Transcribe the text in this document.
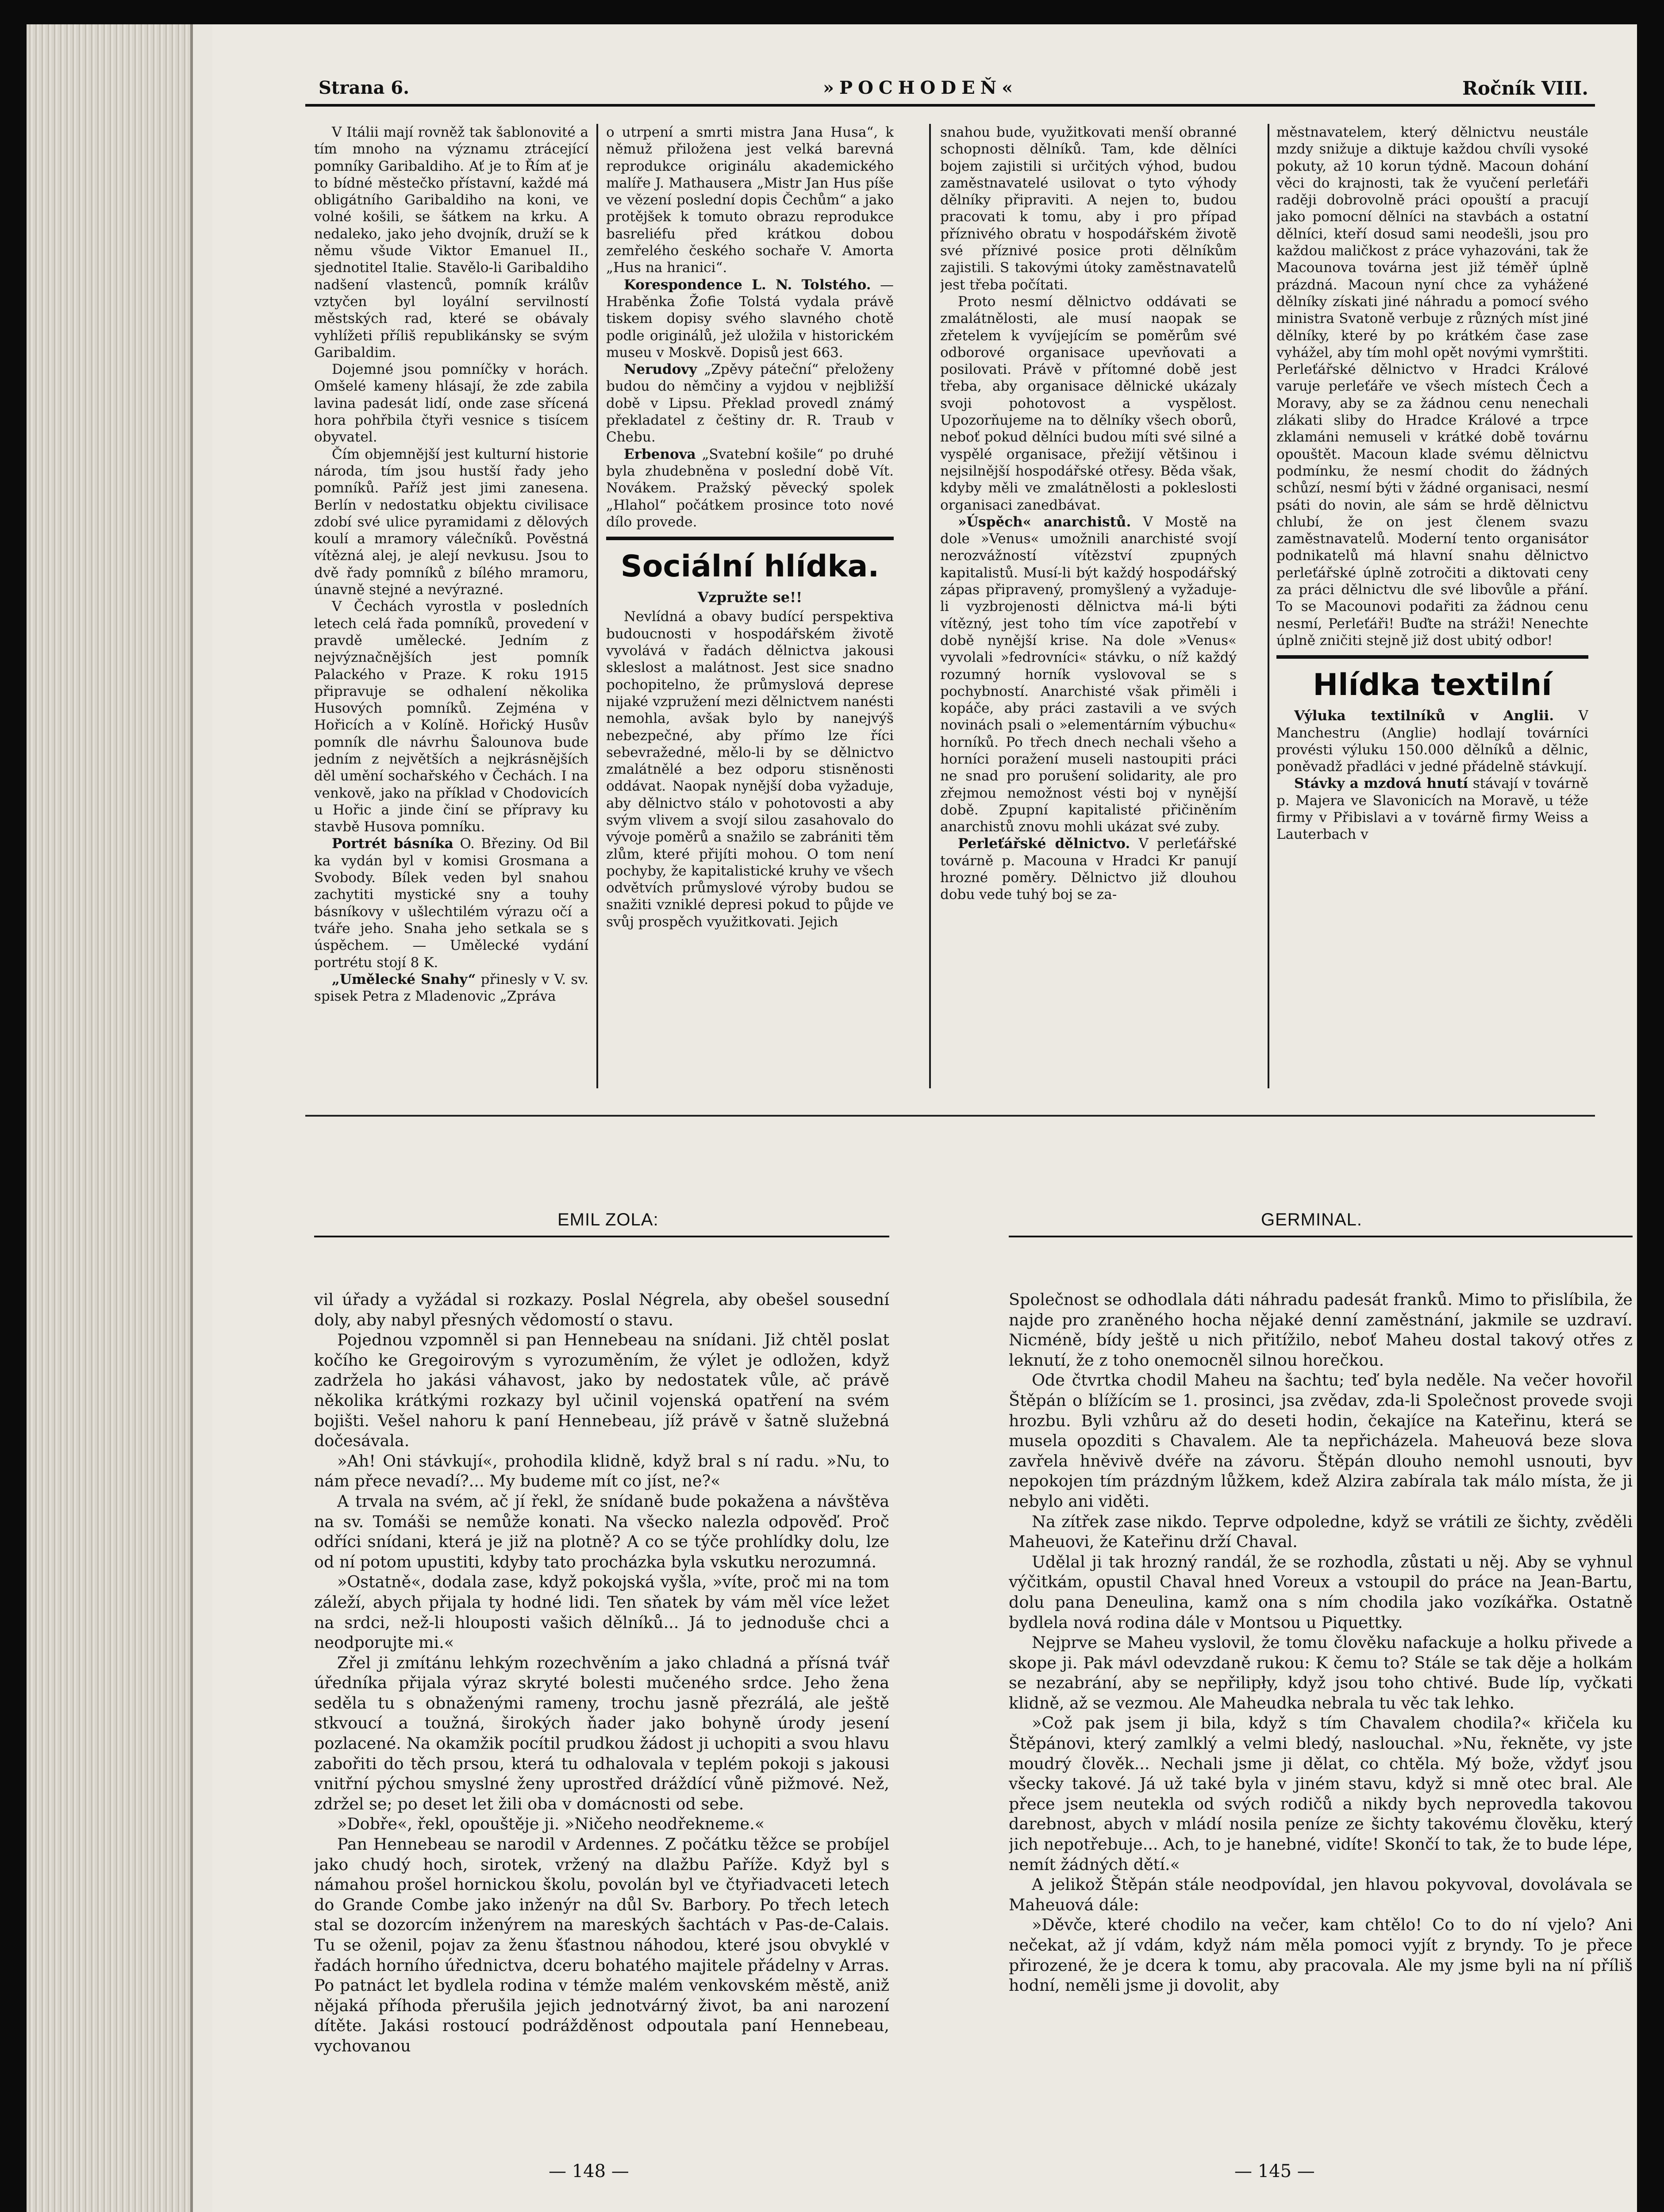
Strana 6.	»POCHODEŇ«	Ročník VIII.

V Itálii mají rovněž tak šablonovité a tím mnoho na významu ztrácející pomníky Garibaldiho. Ať je to Řím ať je to bídné městečko přístavní, každé má obligátního Garibaldiho na koni, ve volné košili, se šátkem na krku. A nedaleko, jako jeho dvojník, druží se k němu všude Viktor Emanuel II., sjednotitel Italie. Stavělo-li Garibaldiho nadšení vlastenců, pomník králův vztyčen byl loyální servilností městských rad, které se obávaly vyhlížeti příliš republikánsky se svým Garibaldim.

Dojemné jsou pomníčky v horách. Omšelé kameny hlásají, že zde zabila lavina padesát lidí, onde zase sřícená hora pohřbila čtyři vesnice s tisícem obyvatel.

Čím objemnější jest kulturní historie národa, tím jsou hustší řady jeho pomníků. Paříž jest jimi zanesena. Berlín v nedostatku objektu civilisace zdobí své ulice pyramidami z dělových koulí a mramory válečníků. Pověstná vítězná alej, je alejí nevkusu. Jsou to dvě řady pomníků z bílého mramoru, únavně stejné a nevýrazné.

V Čechách vyrostla v posledních letech celá řada pomníků, provedení v pravdě umělecké. Jedním z nejvýznačnějších jest pomník Palackého v Praze. K roku 1915 připravuje se odhalení několika Husových pomníků. Zejména v Hořicích a v Kolíně. Hořický Husův pomník dle návrhu Šalounova bude jedním z největších a nejkrásnějších děl umění sochařského v Čechách. I na venkově, jako na příklad v Chodovicích u Hořic a jinde činí se přípravy ku stavbě Husova pomníku.

Portrét básníka O. Březiny. Od Bil ka vydán byl v komisi Grosmana a Svobody. Bílek veden byl snahou zachytiti mystické sny a touhy básníkovy v ušlechtilém výrazu očí a tváře jeho. Snaha jeho setkala se s úspěchem. — Umělecké vydání portrétu stojí 8 K.

„Umělecké Snahy“ přinesly v V. sv. spisek Petra z Mladenovic „Zpráva

o utrpení a smrti mistra Jana Husa“, k němuž přiložena jest velká barevná reprodukce originálu akademického malíře J. Mathausera „Mistr Jan Hus píše ve vězení poslední dopis Čechům“ a jako protějšek k tomuto obrazu reprodukce basreliéfu před krátkou dobou zemřelého českého sochaře V. Amorta „Hus na hranici“.

Korespondence L. N. Tolstého. — Hraběnka Žofie Tolstá vydala právě tiskem dopisy svého slavného chotě podle originálů, jež uložila v historickém museu v Moskvě. Dopisů jest 663.

Nerudovy „Zpěvy páteční“ přeloženy budou do němčiny a vyjdou v nejbližší době v Lipsu. Překlad provedl známý překladatel z češtiny dr. R. Traub v Chebu.

Erbenova „Svatební košile“ po druhé byla zhudebněna v poslední době Vít. Novákem. Pražský pěvecký spolek „Hlahol“ počátkem prosince toto nové dílo provede.

Sociální hlídka.
Vzpružte se!!

Nevlídná a obavy budící perspektiva budoucnosti v hospodářském životě vyvolává v řadách dělnictva jakousi skleslost a malátnost. Jest sice snadno pochopitelno, že průmyslová deprese nijaké vzpružení mezi dělnictvem nanésti nemohla, avšak bylo by nanejvýš nebezpečné, aby přímo lze říci sebevražedné, mělo-li by se dělnictvo zmalátnělé a bez odporu stisněnosti oddávat. Naopak nynější doba vyžaduje, aby dělnictvo stálo v pohotovosti a aby svým vlivem a svojí silou zasahovalo do vývoje poměrů a snažilo se zabrániti těm zlům, které přijíti mohou. O tom není pochyby, že kapitalistické kruhy ve všech odvětvích průmyslové výroby budou se snažiti vzniklé depresi pokud to půjde ve svůj prospěch využitkovati. Jejich

snahou bude, využitkovati menší obranné schopnosti dělníků. Tam, kde dělníci bojem zajistili si určitých výhod, budou zaměstnavatelé usilovat o tyto výhody dělníky připraviti. A nejen to, budou pracovati k tomu, aby i pro případ příznivého obratu v hospodářském životě své příznivé posice proti dělníkům zajistili. S takovými útoky zaměstnavatelů jest třeba počítati.

Proto nesmí dělnictvo oddávati se zmalátnělosti, ale musí naopak se zřetelem k vyvíjejícím se poměrům své odborové organisace upevňovati a posilovati. Právě v přítomné době jest třeba, aby organisace dělnické ukázaly svoji pohotovost a vyspělost. Upozorňujeme na to dělníky všech oborů, neboť pokud dělníci budou míti své silné a vyspělé organisace, přežijí většinou i nejsilnější hospodářské otřesy. Běda však, kdyby měli ve zmalátnělosti a pokleslosti organisaci zanedbávat.

»Úspěch« anarchistů. V Mostě na dole »Venus« umožnili anarchisté svojí nerozvážností vítězství zpupných kapitalistů. Musí-li být každý hospodářský zápas připravený, promyšlený a vyžaduje-li vyzbrojenosti dělnictva má-li býti vítězný, jest toho tím více zapotřebí v době nynější krise. Na dole »Venus« vyvolali »fedrovníci« stávku, o níž každý rozumný horník vyslovoval se s pochybností. Anarchisté však přiměli i kopáče, aby práci zastavili a ve svých novinách psali o »elementárním výbuchu« horníků. Po třech dnech nechali všeho a horníci poražení museli nastoupiti práci ne snad pro porušení solidarity, ale pro zřejmou nemožnost vésti boj v nynější době. Zpupní kapitalisté přičiněním anarchistů znovu mohli ukázat své zuby.

Perleťářské dělnictvo. V perleťářské továrně p. Macouna v Hradci Kr panují hrozné poměry. Dělnictvo již dlouhou dobu vede tuhý boj se za-

městnavatelem, který dělnictvu neustále mzdy snižuje a diktuje každou chvíli vysoké pokuty, až 10 korun týdně. Macoun dohání věci do krajnosti, tak že vyučení perleťáři raději dobrovolně práci opouští a pracují jako pomocní dělníci na stavbách a ostatní dělníci, kteří dosud sami neodešli, jsou pro každou maličkost z práce vyhazováni, tak že Macounova továrna jest již téměř úplně prázdná. Macoun nyní chce za vyhážené dělníky získati jiné náhradu a pomocí svého ministra Svatoně verbuje z různých míst jiné dělníky, které by po krátkém čase zase vyhážel, aby tím mohl opět novými vymrštiti. Perleťářské dělnictvo v Hradci Králové varuje perleťáře ve všech místech Čech a Moravy, aby se za žádnou cenu nenechali zlákati sliby do Hradce Králové a trpce zklamáni nemuseli v krátké době továrnu opouštět. Macoun klade svému dělnictvu podmínku, že nesmí chodit do žádných schůzí, nesmí býti v žádné organisaci, nesmí psáti do novin, ale sám se hrdě dělnictvu chlubí, že on jest členem svazu zaměstnavatelů. Moderní tento organisátor podnikatelů má hlavní snahu dělnictvo perleťářské úplně zotročiti a diktovati ceny za práci dělnictvu dle své libovůle a přání. To se Macounovi podařiti za žádnou cenu nesmí, Perleťáři! Buďte na stráži! Nenechte úplně zničiti stejně již dost ubitý odbor!

Hlídka textilní

Výluka textilníků v Anglii. V Manchestru (Anglie) hodlají továrníci provésti výluku 150.000 dělníků a dělnic, poněvadž přadláci v jedné přádelně stávkují.

Stávky a mzdová hnutí stávají v továrně p. Majera ve Slavonicích na Moravě, u téže firmy v Přibislavi a v továrně firmy Weiss a Lauterbach v

EMIL ZOLA:	GERMINAL.

vil úřady a vyžádal si rozkazy. Poslal Négrela, aby obešel sousední doly, aby nabyl přesných vědomostí o stavu.

Pojednou vzpomněl si pan Hennebeau na snídani. Již chtěl poslat kočího ke Gregoirovým s vyrozuměním, že výlet je odložen, když zadržela ho jakási váhavost, jako by nedostatek vůle, ač právě několika krátkými rozkazy byl učinil vojenská opatření na svém bojišti. Vešel nahoru k paní Hennebeau, jíž právě v šatně služebná dočesávala.

»Ah! Oni stávkují«, prohodila klidně, když bral s ní radu. »Nu, to nám přece nevadí?... My budeme mít co jíst, ne?«

A trvala na svém, ač jí řekl, že snídaně bude pokažena a návštěva na sv. Tomáši se nemůže konati. Na všecko nalezla odpověď. Proč odříci snídani, která je již na plotně? A co se týče prohlídky dolu, lze od ní potom upustiti, kdyby tato procházka byla vskutku nerozumná.

»Ostatně«, dodala zase, když pokojská vyšla, »víte, proč mi na tom záleží, abych přijala ty hodné lidi. Ten sňatek by vám měl více ležet na srdci, než-li hlouposti vašich dělníků... Já to jednoduše chci a neodporujte mi.«

Zřel ji zmítánu lehkým rozechvěním a jako chladná a přísná tvář úředníka přijala výraz skryté bolesti mučeného srdce. Jeho žena seděla tu s obnaženými rameny, trochu jasně přezrálá, ale ještě stkvoucí a toužná, širokých ňader jako bohyně úrody jesení pozlacené. Na okamžik pocítil prudkou žádost ji uchopiti a svou hlavu zabořiti do těch prsou, která tu odhalovala v teplém pokoji s jakousi vnitřní pýchou smyslné ženy uprostřed dráždící vůně pižmové. Než, zdržel se; po deset let žili oba v domácnosti od sebe.

»Dobře«, řekl, opouštěje ji. »Ničeho neodřekneme.«

Pan Hennebeau se narodil v Ardennes. Z počátku těžce se probíjel jako chudý hoch, sirotek, vržený na dlažbu Paříže. Když byl s námahou prošel hornickou školu, povolán byl ve čtyřiadvaceti letech do Grande Combe jako inženýr na důl Sv. Barbory. Po třech letech stal se dozorcím inženýrem na mareských šachtách v Pas-de-Calais. Tu se oženil, pojav za ženu šťastnou náhodou, které jsou obvyklé v řadách horního úřednictva, dceru bohatého majitele přádelny v Arras. Po patnáct let bydlela rodina v témže malém venkovském městě, aniž nějaká příhoda přerušila jejich jednotvárný život, ba ani narození dítěte. Jakási rostoucí podrážděnost odpoutala paní Hennebeau, vychovanou

Společnost se odhodlala dáti náhradu padesát franků. Mimo to přislíbila, že najde pro zraněného hocha nějaké denní zaměstnání, jakmile se uzdraví. Nicméně, bídy ještě u nich přitížilo, neboť Maheu dostal takový otřes z leknutí, že z toho onemocněl silnou horečkou.

Ode čtvrtka chodil Maheu na šachtu; teď byla neděle. Na večer hovořil Štěpán o blížícím se 1. prosinci, jsa zvědav, zda-li Společnost provede svoji hrozbu. Byli vzhůru až do deseti hodin, čekajíce na Kateřinu, která se musela opozditi s Chavalem. Ale ta nepřicházela. Maheuová beze slova zavřela hněvivě dvéře na závoru. Štěpán dlouho nemohl usnouti, byv nepokojen tím prázdným lůžkem, kdež Alzira zabírala tak málo místa, že ji nebylo ani viděti.

Na zítřek zase nikdo. Teprve odpoledne, když se vrátili ze šichty, zvěděli Maheuovi, že Kateřinu drží Chaval.

Udělal ji tak hrozný randál, že se rozhodla, zůstati u něj. Aby se vyhnul výčitkám, opustil Chaval hned Voreux a vstoupil do práce na Jean-Bartu, dolu pana Deneulina, kamž ona s ním chodila jako vozíkářka. Ostatně bydlela nová rodina dále v Montsou u Piquettky.

Nejprve se Maheu vyslovil, že tomu člověku nafackuje a holku přivede a skope ji. Pak mávl odevzdaně rukou: K čemu to? Stále se tak děje a holkám se nezabrání, aby se nepřilipły, když jsou toho chtivé. Bude líp, vyčkati klidně, až se vezmou. Ale Maheudka nebrala tu věc tak lehko.

»Což pak jsem ji bila, když s tím Chavalem chodila?« křičela ku Štěpánovi, který zamlklý a velmi bledý, naslouchal. »Nu, řekněte, vy jste moudrý člověk... Nechali jsme ji dělat, co chtěla. Mý bože, vždyť jsou všecky takové. Já už také byla v jiném stavu, když si mně otec bral. Ale přece jsem neutekla od svých rodičů a nikdy bych neprovedla takovou darebnost, abych v mládí nosila peníze ze šichty takovému člověku, který jich nepotřebuje... Ach, to je hanebné, vidíte! Skončí to tak, že to bude lépe, nemít žádných dětí.«

A jelikož Štěpán stále neodpovídal, jen hlavou pokyvoval, dovolávala se Maheuová dále:

»Děvče, které chodilo na večer, kam chtělo! Co to do ní vjelo? Ani nečekat, až jí vdám, když nám měla pomoci vyjít z bryndy. To je přece přirozené, že je dcera k tomu, aby pracovala. Ale my jsme byli na ní příliš hodní, neměli jsme ji dovolit, aby

— 148 —	— 145 —
